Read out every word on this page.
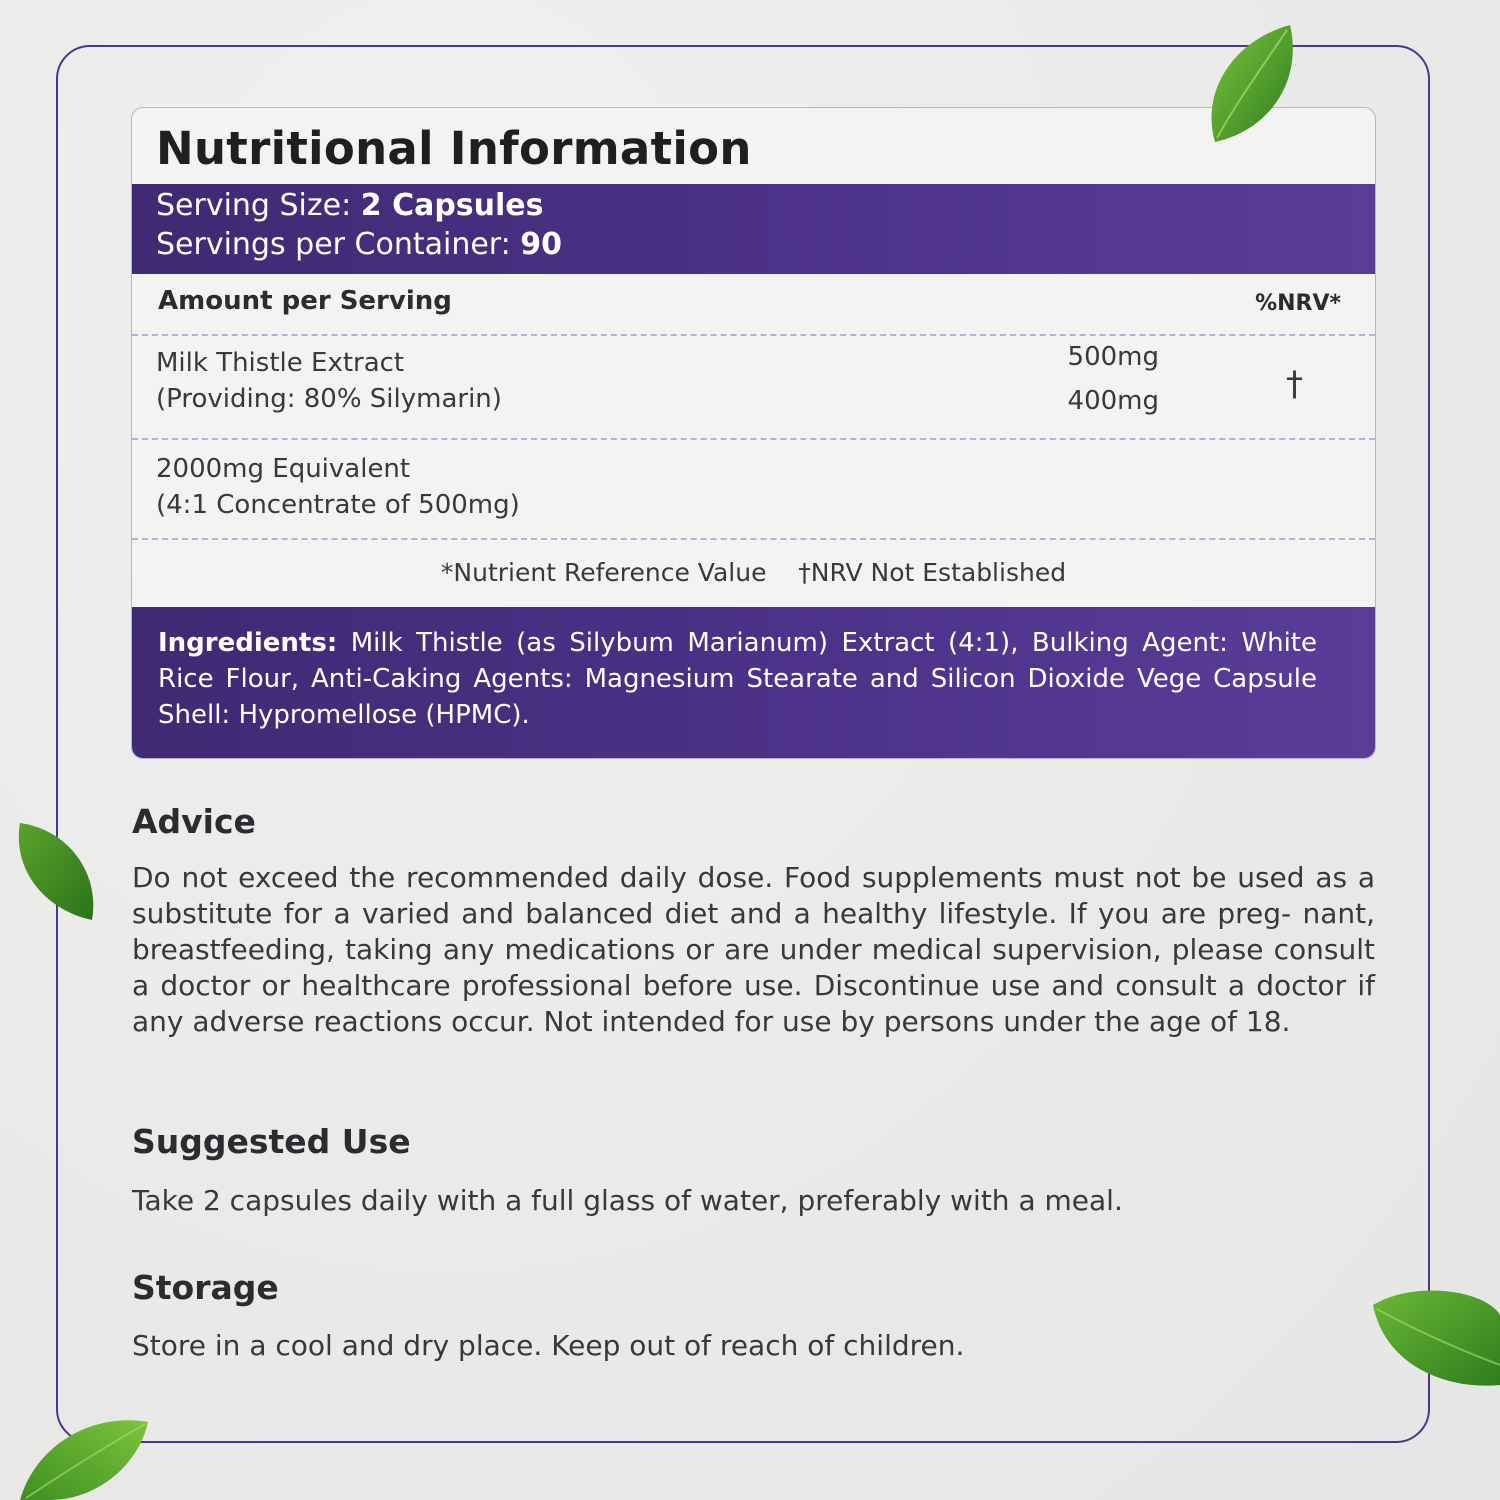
Nutritional Information
Serving Size: 2 Capsules
Servings per Container: 90
Amount per Serving	%NRV*
Milk Thistle Extract
(Providing: 80% Silymarin)
500mg
400mg	†
2000mg Equivalent
(4:1 Concentrate of 500mg)
*Nutrient Reference Value    †NRV Not Established
Ingredients: Milk Thistle (as Silybum Marianum) Extract (4:1), Bulking Agent: White Rice Flour, Anti-Caking Agents: Magnesium Stearate and Silicon Dioxide Vege Capsule Shell: Hypromellose (HPMC).
Advice
Do not exceed the recommended daily dose. Food supplements must not be used as a substitute for a varied and balanced diet and a healthy lifestyle. If you are preg- nant, breastfeeding, taking any medications or are under medical supervision, please consult a doctor or healthcare professional before use. Discontinue use and consult a doctor if any adverse reactions occur. Not intended for use by persons under the age of 18.
Suggested Use
Take 2 capsules daily with a full glass of water, preferably with a meal.
Storage
Store in a cool and dry place. Keep out of reach of children.
